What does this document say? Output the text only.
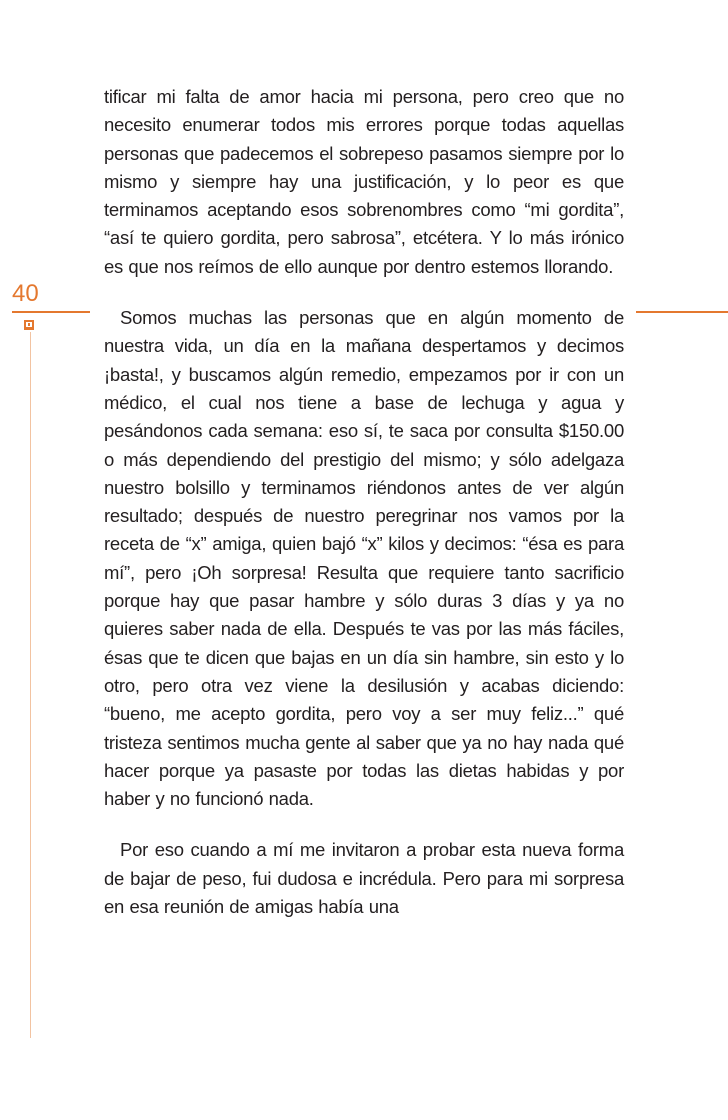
40

tificar mi falta de amor hacia mi persona, pero creo que no necesito enumerar todos mis errores porque todas aquellas personas que padecemos el sobrepeso pasamos siempre por lo mismo y siempre hay una justificación, y lo peor es que terminamos aceptando esos sobrenombres como “mi gordita”, “así te quiero gordita, pero sabrosa”, etcétera. Y lo más irónico es que nos reímos de ello aunque por dentro estemos llorando.

Somos muchas las personas que en algún momento de nuestra vida, un día en la mañana despertamos y decimos ¡basta!, y buscamos algún remedio, empezamos por ir con un médico, el cual nos tiene a base de lechuga y agua y pesándonos cada semana: eso sí, te saca por consulta $150.00 o más dependiendo del prestigio del mismo; y sólo adelgaza nuestro bolsillo y terminamos riéndonos antes de ver algún resultado; después de nuestro peregrinar nos vamos por la receta de “x” amiga, quien bajó “x” kilos y decimos: “ésa es para mí”, pero ¡Oh sorpresa! Resulta que requiere tanto sacrificio porque hay que pasar hambre y sólo duras 3 días y ya no quieres saber nada de ella. Después te vas por las más fáciles, ésas que te dicen que bajas en un día sin hambre, sin esto y lo otro, pero otra vez viene la desilusión y acabas diciendo: “bueno, me acepto gordita, pero voy a ser muy feliz...” qué tristeza sentimos mucha gente al saber que ya no hay nada qué hacer porque ya pasaste por todas las dietas habidas y por haber y no funcionó nada.

Por eso cuando a mí me invitaron a probar esta nueva forma de bajar de peso, fui dudosa e incrédula. Pero para mi sorpresa en esa reunión de amigas había una
